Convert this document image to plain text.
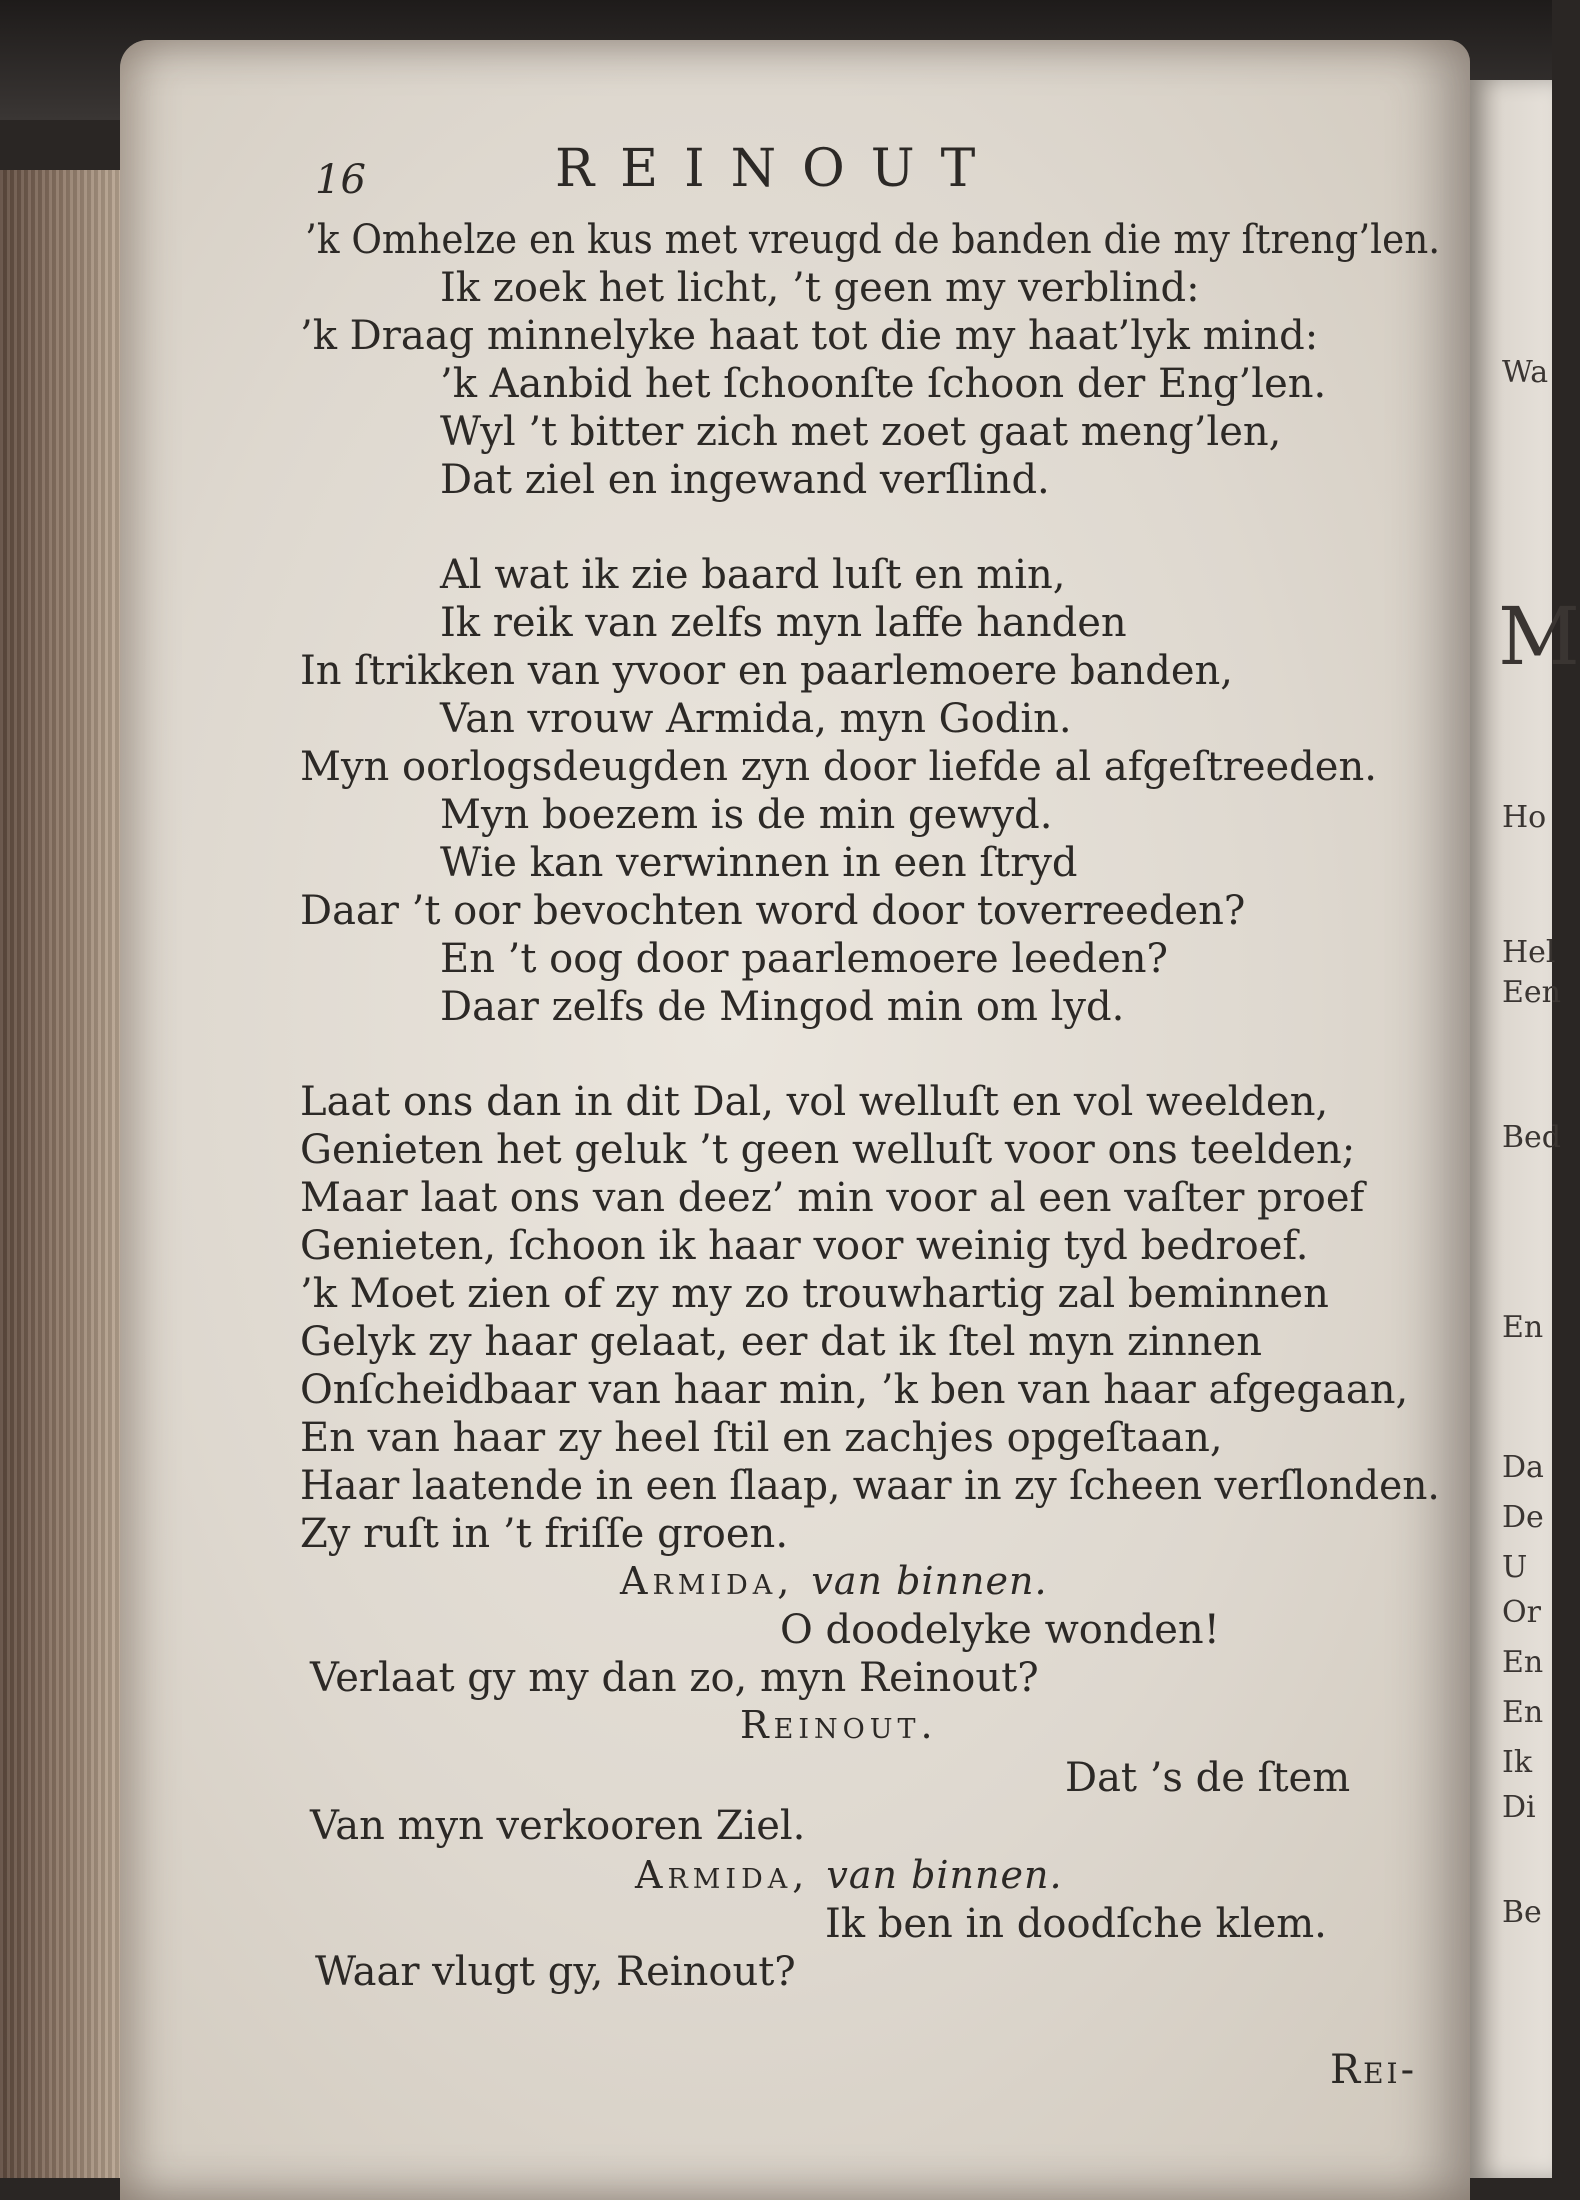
Wa
M
Ho
Hel
Een
Bed
En
Da
De
U
Or
En
En
Ik
Di
Be
16	REINOUT
’k Omhelze en kus met vreugd de banden die my ſtreng’len.
Ik zoek het licht, ’t geen my verblind:
’k Draag minnelyke haat tot die my haat’lyk mind:
’k Aanbid het ſchoonſte ſchoon der Eng’len.
Wyl ’t bitter zich met zoet gaat meng’len,
Dat ziel en ingewand verſlind.
Al wat ik zie baard luſt en min,
Ik reik van zelfs myn laffe handen
In ſtrikken van yvoor en paarlemoere banden,
Van vrouw Armida, myn Godin.
Myn oorlogsdeugden zyn door liefde al afgeſtreeden.
Myn boezem is de min gewyd.
Wie kan verwinnen in een ſtryd
Daar ’t oor bevochten word door toverreeden?
En ’t oog door paarlemoere leeden?
Daar zelfs de Mingod min om lyd.
Laat ons dan in dit Dal, vol welluſt en vol weelden,
Genieten het geluk ’t geen welluſt voor ons teelden;
Maar laat ons van deez’ min voor al een vaſter proef
Genieten, ſchoon ik haar voor weinig tyd bedroef.
’k Moet zien of zy my zo trouwhartig zal beminnen
Gelyk zy haar gelaat, eer dat ik ſtel myn zinnen
Onſcheidbaar van haar min, ’k ben van haar afgegaan,
En van haar zy heel ſtil en zachjes opgeſtaan,
Haar laatende in een ſlaap, waar in zy ſcheen verſlonden.
Zy ruſt in ’t friſſe groen.
Armida, van binnen.
O doodelyke wonden!
Verlaat gy my dan zo, myn Reinout?
Reinout.
Dat ’s de ſtem
Van myn verkooren Ziel.
Armida, van binnen.
Ik ben in doodſche klem.
Waar vlugt gy, Reinout?
Rei-
